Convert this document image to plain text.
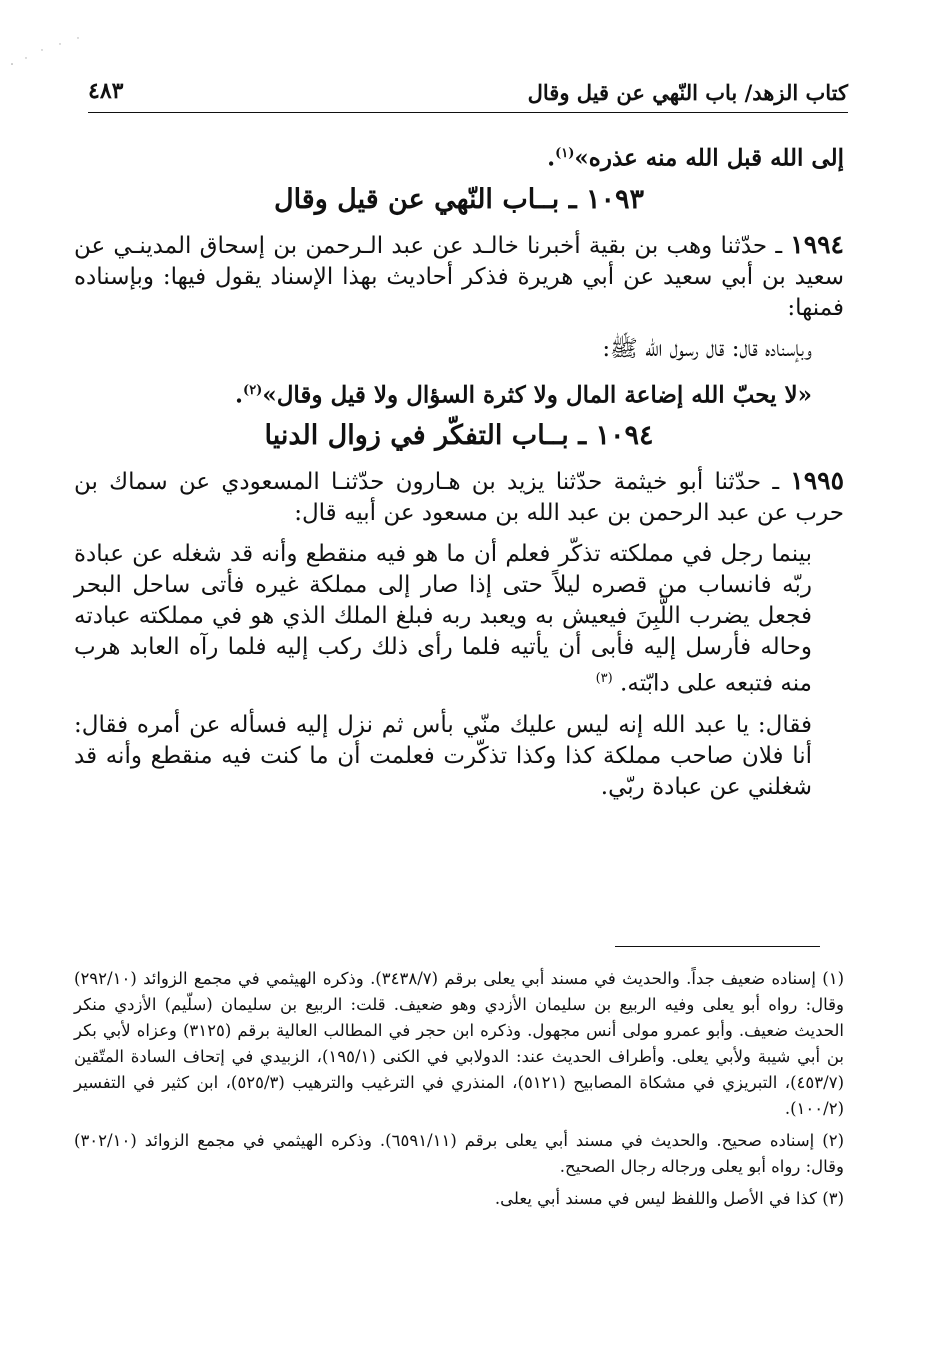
كتاب الزهد/ باب النّهي عن قيل وقال
٤٨٣

إلى الله قبل الله منه عذره»$^{(١)}$.

١٠٩٣ ـ بــاب النّهي عن قيل وقال

١٩٩٤ ـ حدّثنا وهب بن بقية أخبرنا خالـد عن عبد الـرحمن بن إسحاق المدينـي عن سعيد بن أبي سعيد عن أبي هريرة فذكر أحاديث بهذا الإسناد يقول فيها: وبإسناده فمنها:

وبإسناده قال: قال رسول الله ﷺ:

«لا يحبّ الله إضاعة المال ولا كثرة السؤال ولا قيل وقال»$^{(٢)}$.

١٠٩٤ ـ بــاب التفكّر في زوال الدنيا

١٩٩٥ ـ حدّثنا أبو خيثمة حدّثنا يزيد بن هـارون حدّثنـا المسعودي عن سماك بن حرب عن عبد الرحمن بن عبد الله بن مسعود عن أبيه قال:

بينما رجل في مملكته تذكّر فعلم أن ما هو فيه منقطع وأنه قد شغله عن عبادة ربّه فانساب من قصره ليلاً حتى إذا صار إلى مملكة غيره فأتى ساحل البحر فجعل يضرب اللَّبِنَ فيعيش به ويعبد ربه فبلغ الملك الذي هو في مملكته عبادته وحاله فأرسل إليه فأبى أن يأتيه فلما رأى ذلك ركب إليه فلما رآه العابد هرب منه فتبعه على دابّته. $^{(٣)}$

فقال: يا عبد الله إنه ليس عليك منّي بأس ثم نزل إليه فسأله عن أمره فقال: أنا فلان صاحب مملكة كذا وكذا تذكّرت فعلمت أن ما كنت فيه منقطع وأنه قد شغلني عن عبادة ربّي.

(١) إسناده ضعيف جداً. والحديث في مسند أبي يعلى برقم (٣٤٣٨/٧). وذكره الهيثمي في مجمع الزوائد (٢٩٢/١٠) وقال: رواه أبو يعلى وفيه الربيع بن سليمان الأزدي وهو ضعيف. قلت: الربيع بن سليمان (سلّيم) الأزدي منكر الحديث ضعيف. وأبو عمرو مولى أنس مجهول. وذكره ابن حجر في المطالب العالية برقم (٣١٢٥) وعزاه لأبي بكر بن أبي شيبة ولأبي يعلى. وأطراف الحديث عند: الدولابي في الكنى (١٩٥/١)، الزبيدي في إتحاف السادة المتّقين (٤٥٣/٧)، التبريزي في مشكاة المصابيح (٥١٢١)، المنذري في الترغيب والترهيب (٥٢٥/٣)، ابن كثير في التفسير (١٠٠/٢).

(٢) إسناده صحيح. والحديث في مسند أبي يعلى برقم (٦٥٩١/١١). وذكره الهيثمي في مجمع الزوائد (٣٠٢/١٠) وقال: رواه أبو يعلى ورجاله رجال الصحيح.

(٣) كذا في الأصل واللفظ ليس في مسند أبي يعلى.
